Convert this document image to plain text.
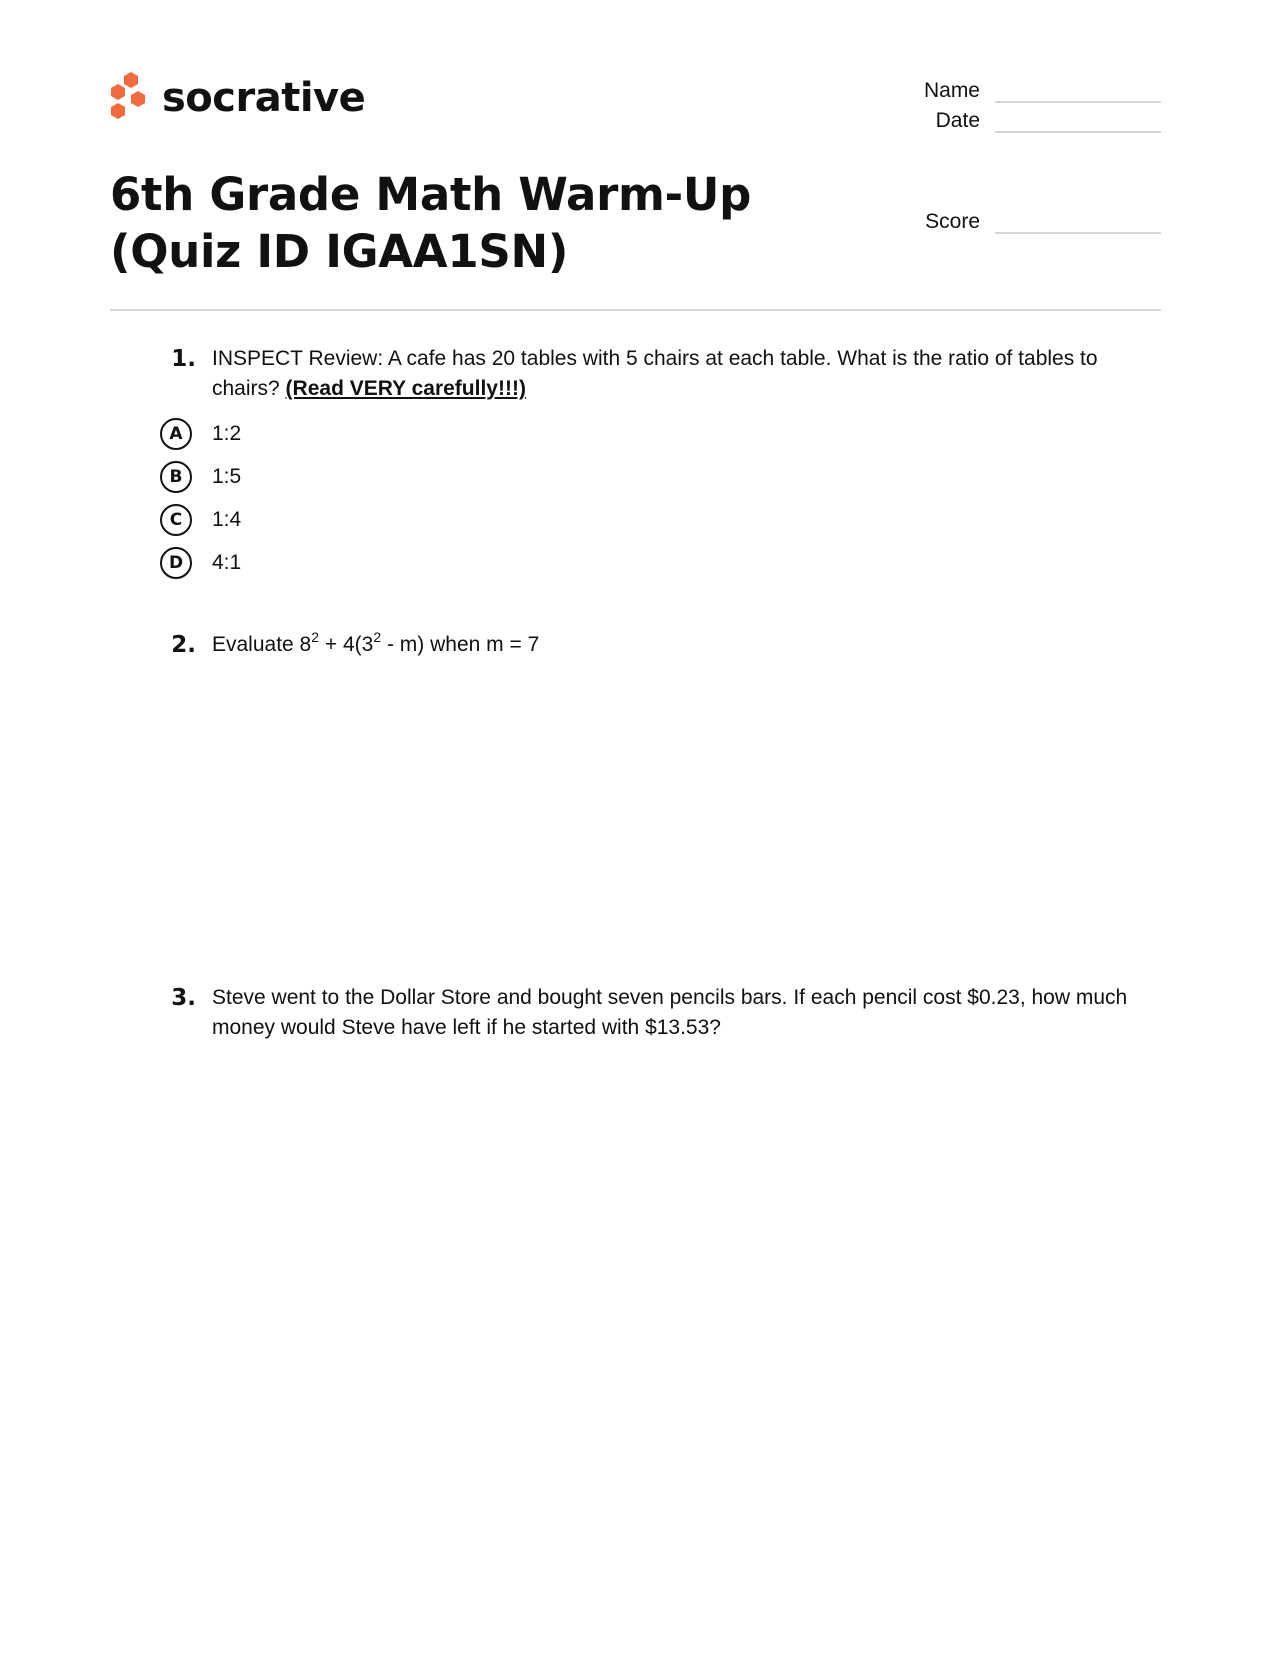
socrative	Name
Date
Score
6th Grade Math Warm-Up (Quiz ID IGAA1SN)
1. INSPECT Review: A cafe has 20 tables with 5 chairs at each table. What is the ratio of tables to chairs? (Read VERY carefully!!!)
A	1:2
B	1:5
C	1:4
D	4:1
2. Evaluate $8^2 + 4(3^2 - m)$ when m = 7
3. Steve went to the Dollar Store and bought seven pencils bars. If each pencil cost $0.23, how much money would Steve have left if he started with $13.53?
